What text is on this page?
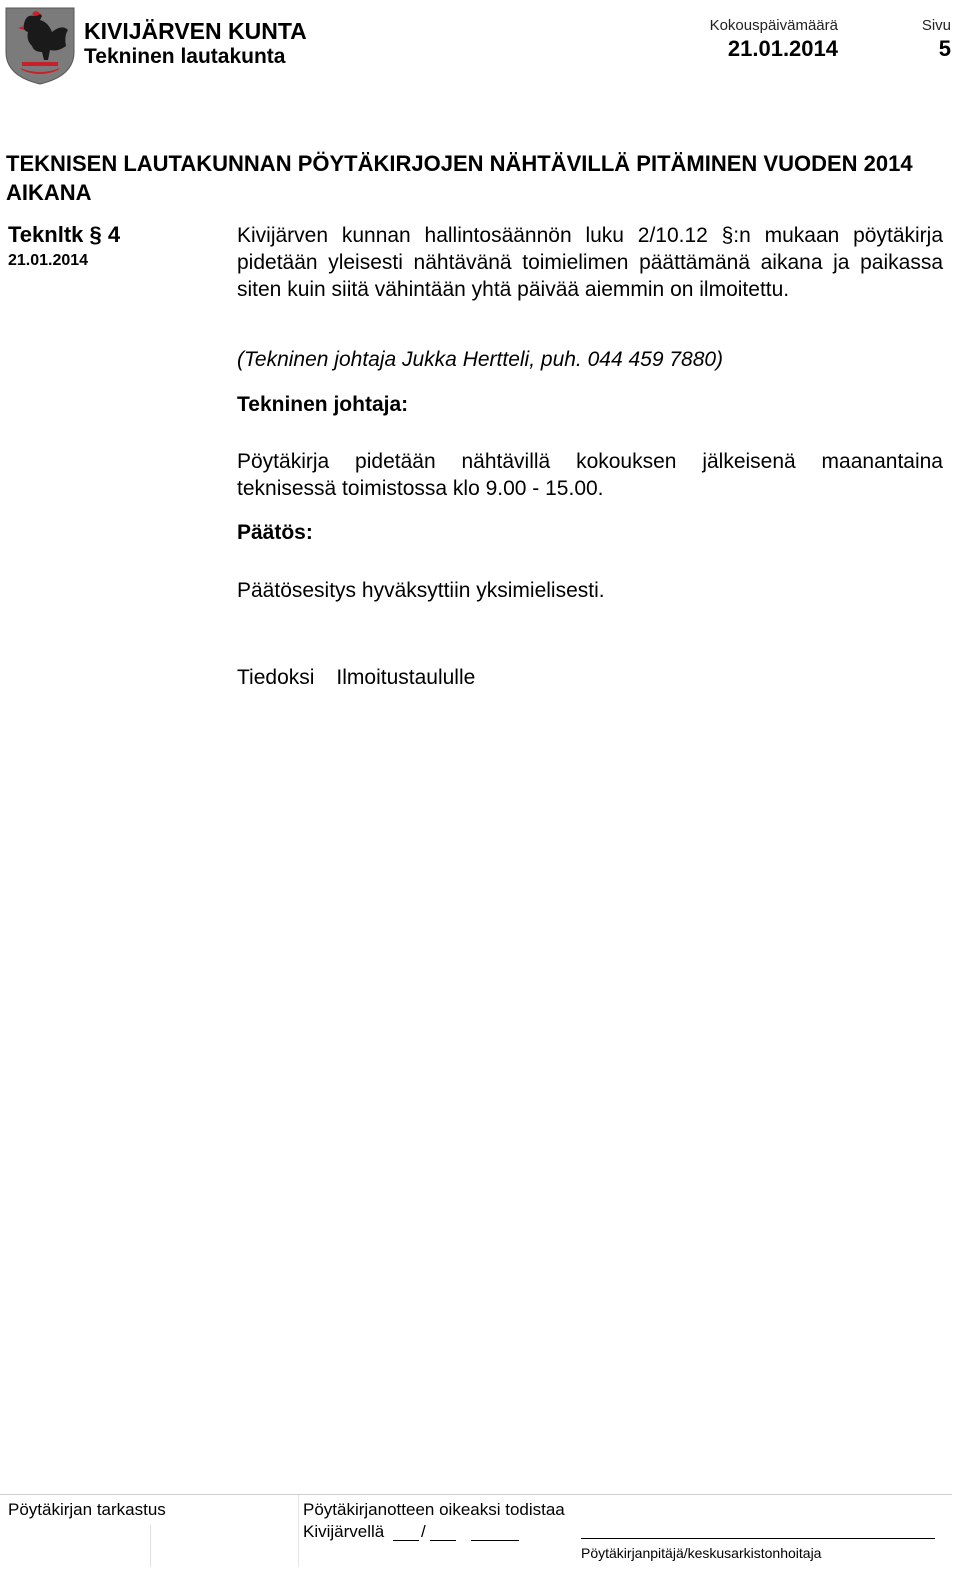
KIVIJÄRVEN KUNTA
Tekninen lautakunta
Kokouspäivämäärä
21.01.2014
Sivu
5
TEKNISEN LAUTAKUNNAN PÖYTÄKIRJOJEN NÄHTÄVILLÄ PITÄMINEN VUODEN 2014 AIKANA
Teknltk § 4
21.01.2014
Kivijärven kunnan hallintosäännön luku 2/10.12 §:n mukaan pöytäkirja pidetään yleisesti nähtävänä toimielimen päättämänä aikana ja paikassa siten kuin siitä vähintään yhtä päivää aiemmin on ilmoitettu.
(Tekninen johtaja Jukka Hertteli, puh. 044 459 7880)
Tekninen johtaja:
Pöytäkirja pidetään nähtävillä kokouksen jälkeisenä maanantaina teknisessä toimistossa klo 9.00 - 15.00.
Päätös:
Päätösesitys hyväksyttiin yksimielisesti.
Tiedoksi Ilmoitustaululle
Pöytäkirjan tarkastus	Pöytäkirjanotteen oikeaksi todistaa
Kivijärvellä /
Pöytäkirjanpitäjä/keskusarkistonhoitaja
